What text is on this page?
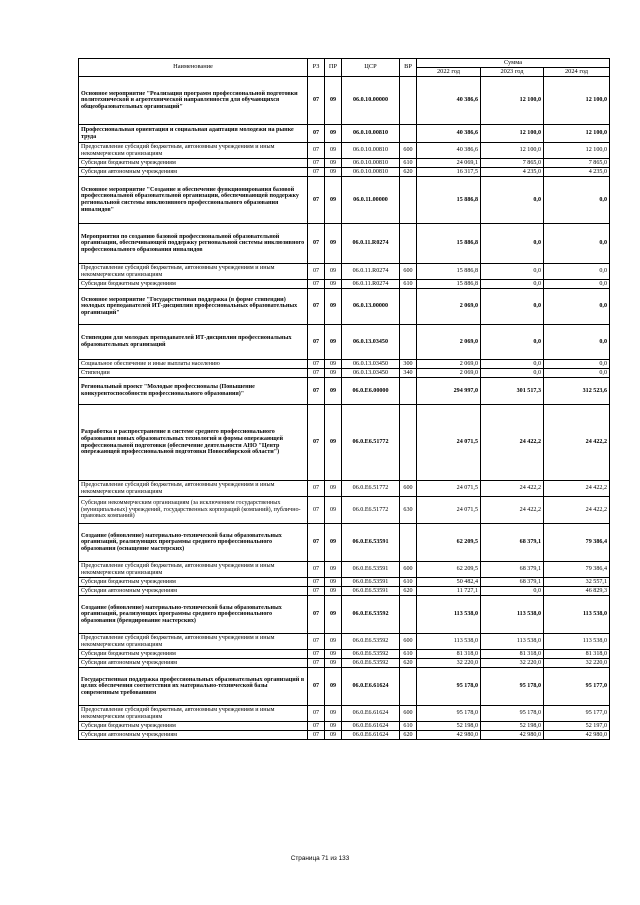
Наименование	РЗ	ПР	ЦСР	ВР	Сумма		
					2022 год	2023 год	2024 год
Основное мероприятие "Реализация программ профессиональной подготовки политехнической и агротехнической направленности для обучающихся общеобразовательных организаций"	07	09	06.0.10.00000		40 386,6	12 100,0	12 100,0
Профессиональная ориентация и социальная адаптация молодежи на рынке труда	07	09	06.0.10.00810		40 386,6	12 100,0	12 100,0
Предоставление субсидий бюджетным, автономным учреждениям и иным некоммерческим организациям	07	09	06.0.10.00810	600	40 386,6	12 100,0	12 100,0
Субсидии бюджетным учреждениям	07	09	06.0.10.00810	610	24 069,1	7 865,0	7 865,0
Субсидии автономным учреждениям	07	09	06.0.10.00810	620	16 317,5	4 235,0	4 235,0
Основное мероприятие "Создание и обеспечение функционирования базовой профессиональной образовательной организации, обеспечивающей поддержку региональной системы инклюзивного профессионального образования инвалидов"	07	09	06.0.11.00000		15 886,8	0,0	0,0
Мероприятия по созданию базовой профессиональной образовательной организации, обеспечивающей поддержку региональной системы инклюзивного профессионального образования инвалидов	07	09	06.0.11.R0274		15 886,8	0,0	0,0
Предоставление субсидий бюджетным, автономным учреждениям и иным некоммерческим организациям	07	09	06.0.11.R0274	600	15 886,8	0,0	0,0
Субсидии бюджетным учреждениям	07	09	06.0.11.R0274	610	15 886,8	0,0	0,0
Основное мероприятие "Государственная поддержка (в форме стипендии) молодых преподавателей ИТ-дисциплин профессиональных образовательных организаций"	07	09	06.0.13.00000		2 069,0	0,0	0,0
Стипендии для молодых преподавателей ИТ-дисциплин профессиональных образовательных организаций	07	09	06.0.13.03450		2 069,0	0,0	0,0
Социальное обеспечение и иные выплаты населению	07	09	06.0.13.03450	300	2 069,0	0,0	0,0
Стипендии	07	09	06.0.13.03450	340	2 069,0	0,0	0,0
Региональный проект "Молодые профессионалы (Повышение конкурентоспособности профессионального образования)"	07	09	06.0.E6.00000		294 997,0	301 517,3	312 523,6
Разработка и распространение в системе среднего профессионального образования новых образовательных технологий и формы опережающей профессиональной подготовки (обеспечение деятельности АНО "Центр опережающей профессиональной подготовки Новосибирской области")	07	09	06.0.E6.51772		24 071,5	24 422,2	24 422,2
Предоставление субсидий бюджетным, автономным учреждениям и иным некоммерческим организациям	07	09	06.0.E6.51772	600	24 071,5	24 422,2	24 422,2
Субсидии некоммерческим организациям (за исключением государственных (муниципальных) учреждений, государственных корпораций (компаний), публично-правовых компаний)	07	09	06.0.E6.51772	630	24 071,5	24 422,2	24 422,2
Создание (обновление) материально-технической базы образовательных организаций, реализующих программы среднего профессионального образования (оснащение мастерских)	07	09	06.0.E6.53591		62 209,5	68 379,1	79 386,4
Предоставление субсидий бюджетным, автономным учреждениям и иным некоммерческим организациям	07	09	06.0.E6.53591	600	62 209,5	68 379,1	79 386,4
Субсидии бюджетным учреждениям	07	09	06.0.E6.53591	610	50 482,4	68 379,1	32 557,1
Субсидии автономным учреждениям	07	09	06.0.E6.53591	620	11 727,1	0,0	46 829,3
Создание (обновление) материально-технической базы образовательных организаций, реализующих программы среднего профессионального образования (брендирование мастерских)	07	09	06.0.E6.53592		113 538,0	113 538,0	113 538,0
Предоставление субсидий бюджетным, автономным учреждениям и иным некоммерческим организациям	07	09	06.0.E6.53592	600	113 538,0	113 538,0	113 538,0
Субсидии бюджетным учреждениям	07	09	06.0.E6.53592	610	81 318,0	81 318,0	81 318,0
Субсидии автономным учреждениям	07	09	06.0.E6.53592	620	32 220,0	32 220,0	32 220,0
Государственная поддержка профессиональных образовательных организаций в целях обеспечения соответствия их материально-технической базы современным требованиям	07	09	06.0.E6.61624		95 178,0	95 178,0	95 177,0
Предоставление субсидий бюджетным, автономным учреждениям и иным некоммерческим организациям	07	09	06.0.E6.61624	600	95 178,0	95 178,0	95 177,0
Субсидии бюджетным учреждениям	07	09	06.0.E6.61624	610	52 198,0	52 198,0	52 197,0
Субсидии автономным учреждениям	07	09	06.0.E6.61624	620	42 980,0	42 980,0	42 980,0
Страница 71 из 133
